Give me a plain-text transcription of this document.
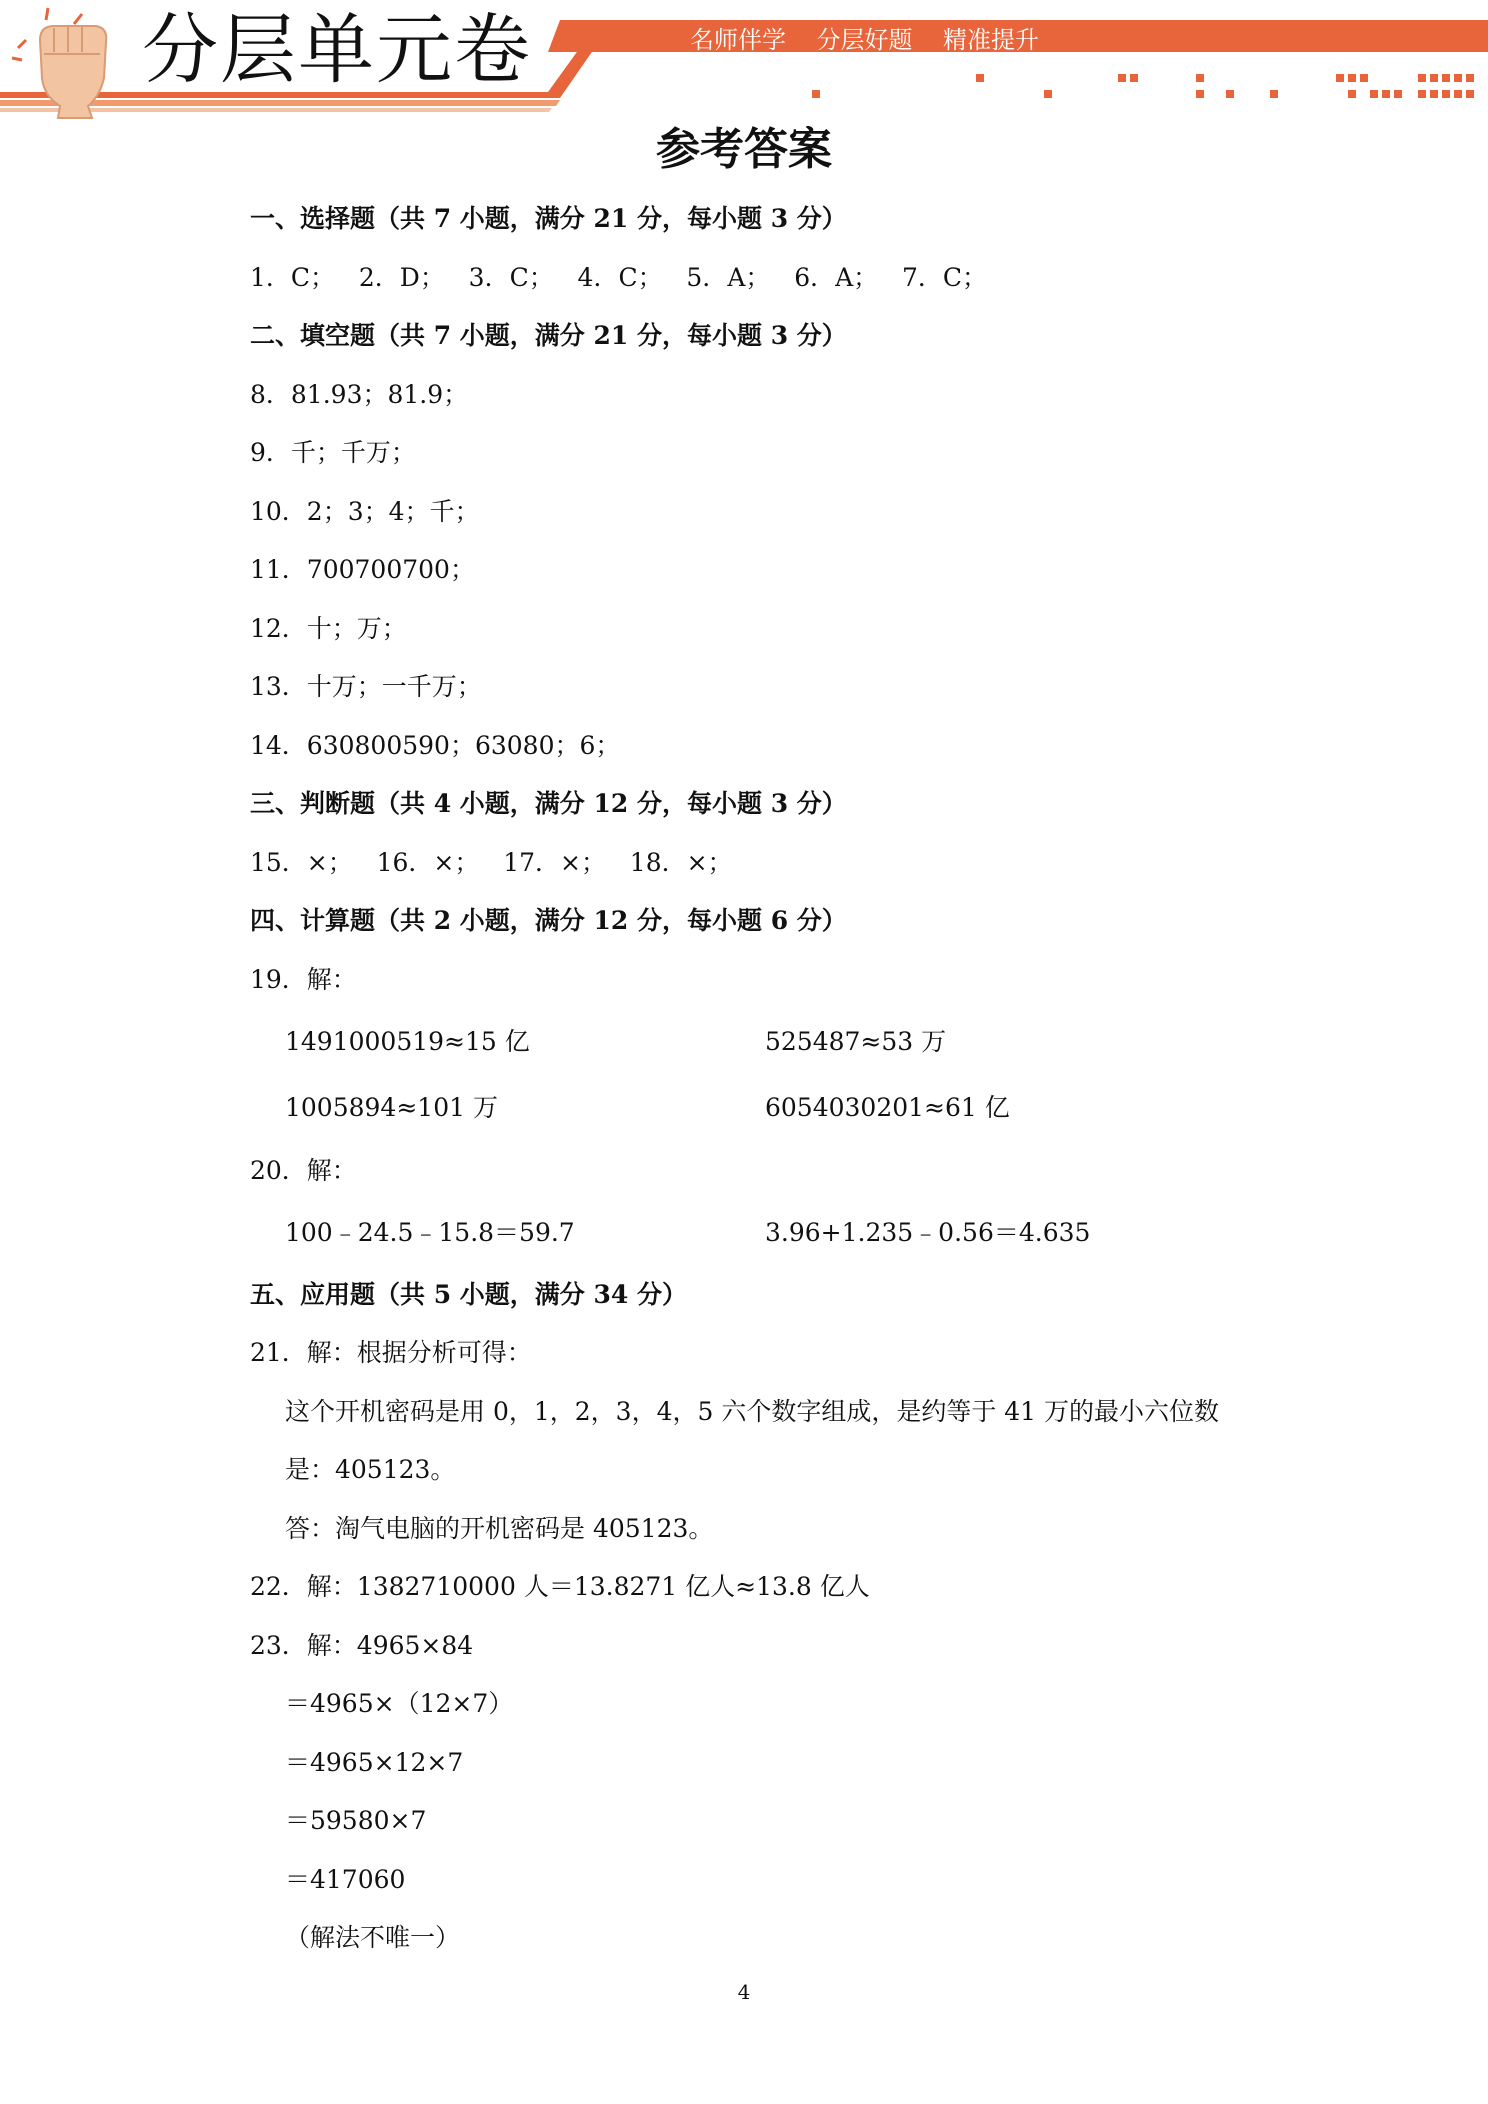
分层单元卷	名师伴学    分层好题    精准提升
参考答案
一、选择题（共 7 小题，满分 21 分，每小题 3 分）
1．C；   2．D；   3．C；   4．C；   5．A；   6．A；   7．C；
二、填空题（共 7 小题，满分 21 分，每小题 3 分）
8．81.93；81.9；
9．千；千万；
10．2；3；4；千；
11．700700700；
12．十；万；
13．十万；一千万；
14．630800590；63080；6；
三、判断题（共 4 小题，满分 12 分，每小题 3 分）
15．×；   16．×；   17．×；   18．×；
四、计算题（共 2 小题，满分 12 分，每小题 6 分）
19．解：
1491000519≈15 亿	525487≈53 万
1005894≈101 万	6054030201≈61 亿
20．解：
100﹣24.5﹣15.8＝59.7	3.96+1.235﹣0.56＝4.635
五、应用题（共 5 小题，满分 34 分）
21．解：根据分析可得：
这个开机密码是用 0，1，2，3，4，5 六个数字组成，是约等于 41 万的最小六位数
是：405123。
答：淘气电脑的开机密码是 405123。
22．解：1382710000 人＝13.8271 亿人≈13.8 亿人
23．解：4965×84
＝4965×（12×7）
＝4965×12×7
＝59580×7
＝417060
（解法不唯一）
4
